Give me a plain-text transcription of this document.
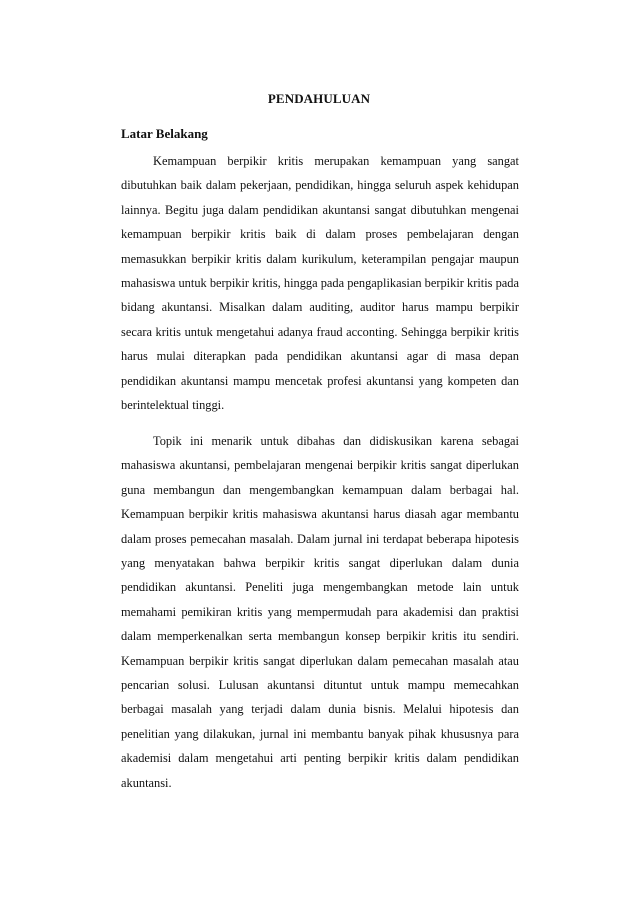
PENDAHULUAN
Latar Belakang

Kemampuan berpikir kritis merupakan kemampuan yang sangat dibutuhkan baik dalam pekerjaan, pendidikan, hingga seluruh aspek kehidupan lainnya. Begitu juga dalam pendidikan akuntansi sangat dibutuhkan mengenai kemampuan berpikir kritis baik di dalam proses pembelajaran dengan memasukkan berpikir kritis dalam kurikulum, keterampilan pengajar maupun mahasiswa untuk berpikir kritis, hingga pada pengaplikasian berpikir kritis pada bidang akuntansi. Misalkan dalam auditing, auditor harus mampu berpikir secara kritis untuk mengetahui adanya fraud acconting. Sehingga berpikir kritis harus mulai diterapkan pada pendidikan akuntansi agar di masa depan pendidikan akuntansi mampu mencetak profesi akuntansi yang kompeten dan berintelektual tinggi.

Topik ini menarik untuk dibahas dan didiskusikan karena sebagai mahasiswa akuntansi, pembelajaran mengenai berpikir kritis sangat diperlukan guna membangun dan mengembangkan kemampuan dalam berbagai hal. Kemampuan berpikir kritis mahasiswa akuntansi harus diasah agar membantu dalam proses pemecahan masalah. Dalam jurnal ini terdapat beberapa hipotesis yang menyatakan bahwa berpikir kritis sangat diperlukan dalam dunia pendidikan akuntansi. Peneliti juga mengembangkan metode lain untuk memahami pemikiran kritis yang mempermudah para akademisi dan praktisi dalam memperkenalkan serta membangun konsep berpikir kritis itu sendiri. Kemampuan berpikir kritis sangat diperlukan dalam pemecahan masalah atau pencarian solusi. Lulusan akuntansi dituntut untuk mampu memecahkan berbagai masalah yang terjadi dalam dunia bisnis. Melalui hipotesis dan penelitian yang dilakukan, jurnal ini membantu banyak pihak khususnya para akademisi dalam mengetahui arti penting berpikir kritis dalam pendidikan akuntansi.
